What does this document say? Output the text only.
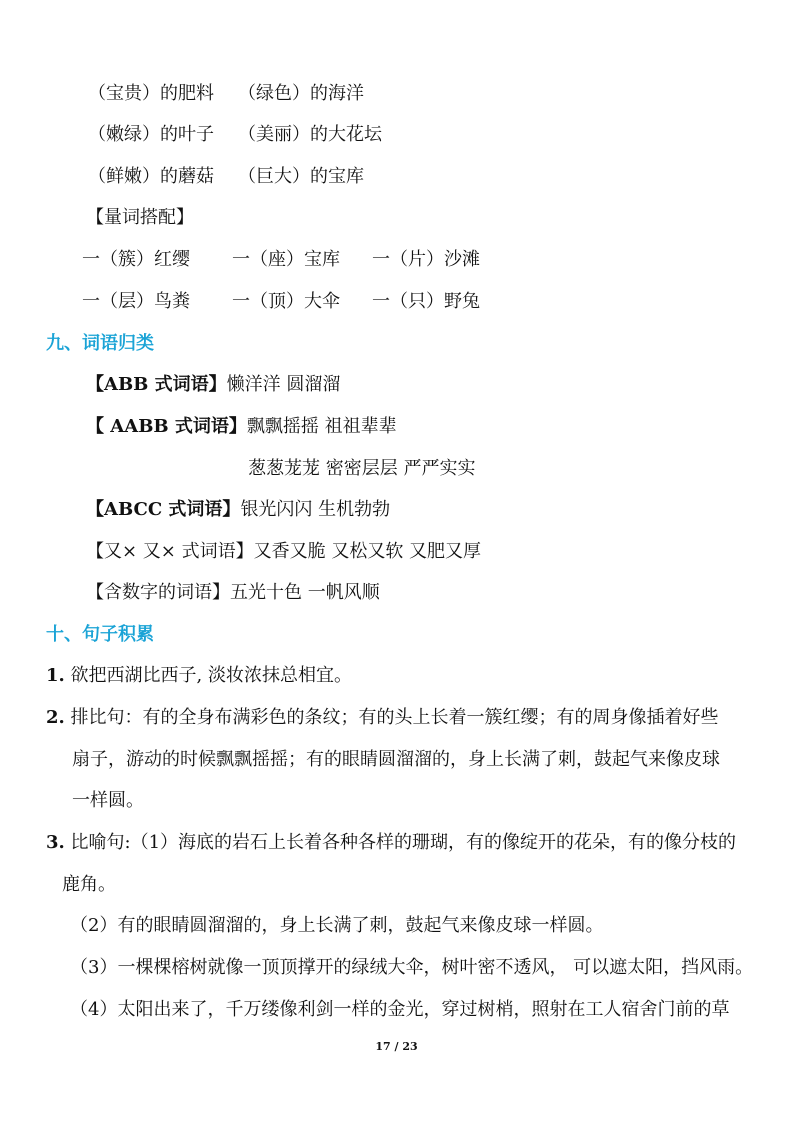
（宝贵）的肥料 （绿色）的海洋
（嫩绿）的叶子 （美丽）的大花坛
（鲜嫩）的蘑菇 （巨大）的宝库
【量词搭配】
一（簇）红缨 一（座）宝库 一（片）沙滩
一（层）鸟粪 一（顶）大伞 一（只）野兔
九、词语归类
【ABB 式词语】懒洋洋 圆溜溜
【 AABB 式词语】飘飘摇摇 祖祖辈辈
葱葱茏茏 密密层层 严严实实
【ABCC 式词语】银光闪闪 生机勃勃
【又× 又× 式词语】又香又脆 又松又软 又肥又厚
【含数字的词语】五光十色 一帆风顺
十、句子积累
1. 欲把西湖比西子, 淡妆浓抹总相宜。
2. 排比句：有的全身布满彩色的条纹；有的头上长着一簇红缨；有的周身像插着好些
扇子，游动的时候飘飘摇摇；有的眼睛圆溜溜的，身上长满了刺，鼓起气来像皮球
一样圆。
3. 比喻句:（1）海底的岩石上长着各种各样的珊瑚，有的像绽开的花朵，有的像分枝的
鹿角。
（2）有的眼睛圆溜溜的，身上长满了刺，鼓起气来像皮球一样圆。
（3）一棵棵榕树就像一顶顶撑开的绿绒大伞，树叶密不透风， 可以遮太阳，挡风雨。
（4）太阳出来了，千万缕像利剑一样的金光，穿过树梢，照射在工人宿舍门前的草
17 / 23
